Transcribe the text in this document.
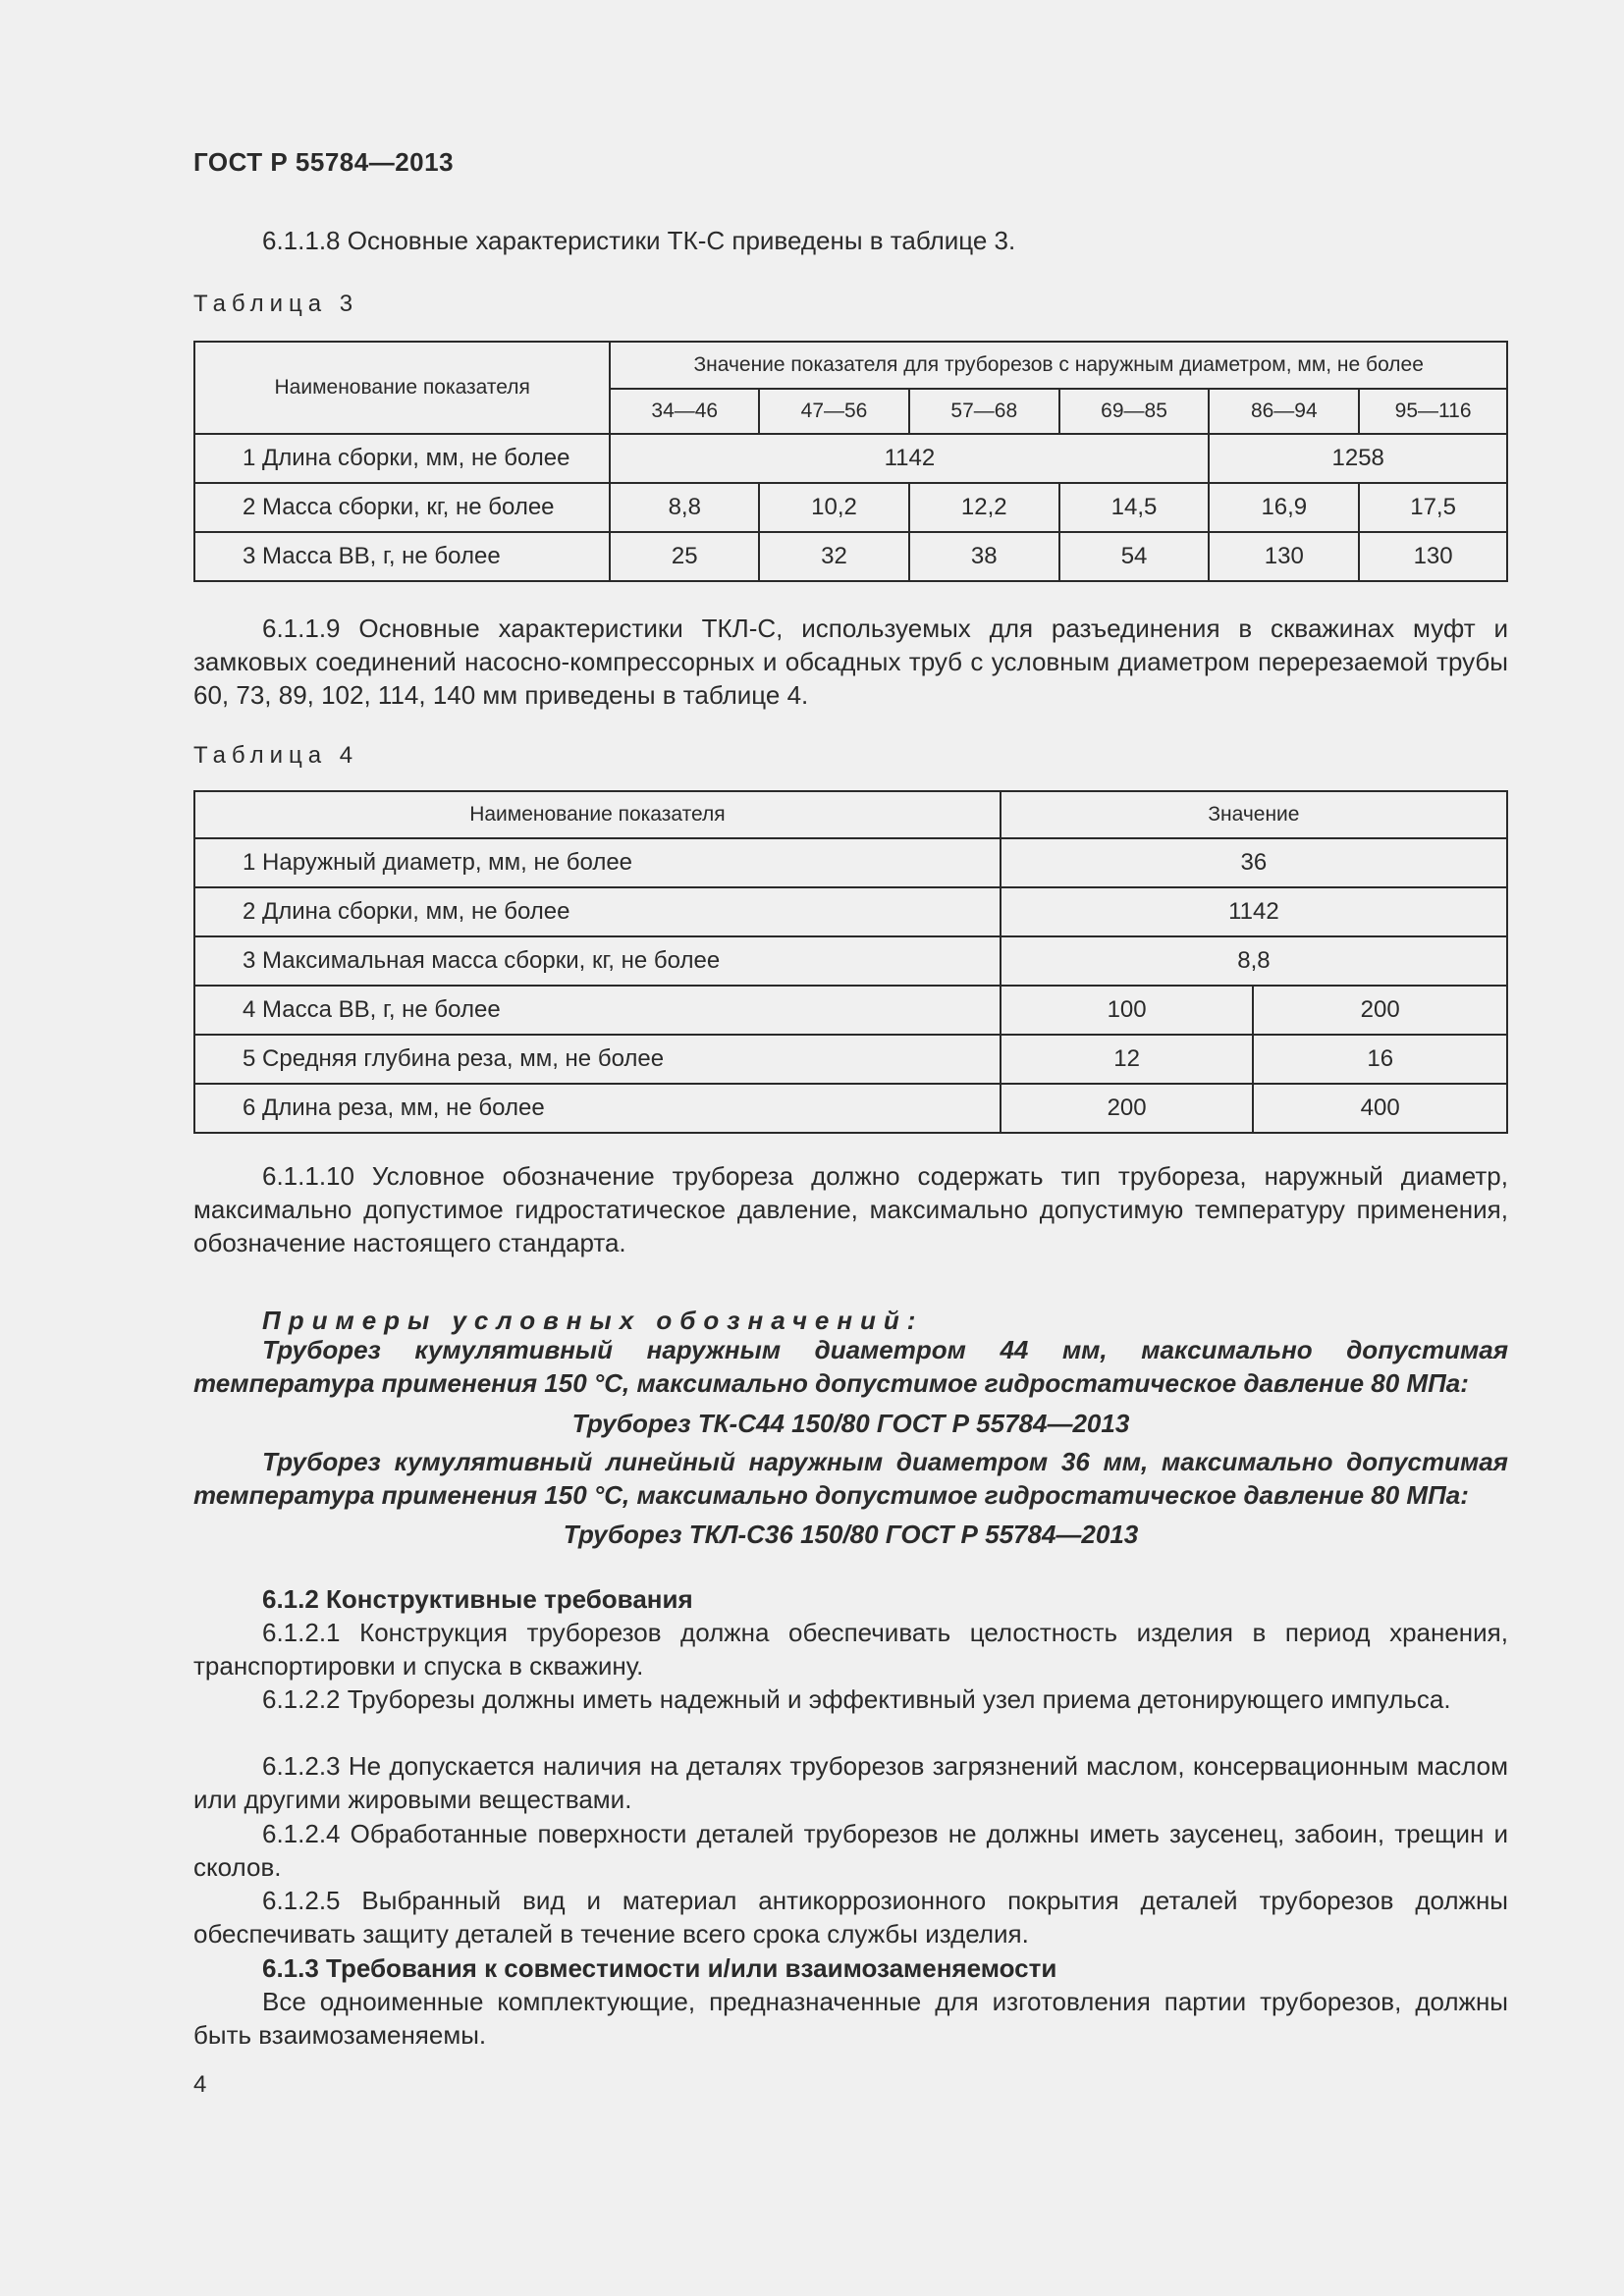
ГОСТ Р 55784—2013
6.1.1.8 Основные характеристики ТК-С приведены в таблице 3.
Таблица 3
Наименование показателя	Значение показателя для труборезов с наружным диаметром, мм, не более					
	34—46	47—56	57—68	69—85	86—94	95—116
1 Длина сборки, мм, не более	1142				1258	
2 Масса сборки, кг, не более	8,8	10,2	12,2	14,5	16,9	17,5
3 Масса ВВ, г, не более	25	32	38	54	130	130
6.1.1.9 Основные характеристики ТКЛ-С, используемых для разъединения в скважинах муфт и замковых соединений насосно-компрессорных и обсадных труб с условным диаметром перерезаемой трубы 60, 73, 89, 102, 114, 140 мм приведены в таблице 4.
Таблица 4
Наименование показателя	Значение	
1 Наружный диаметр, мм, не более	36	
2 Длина сборки, мм, не более	1142	
3 Максимальная масса сборки, кг, не более	8,8	
4 Масса ВВ, г, не более	100	200
5 Средняя глубина реза, мм, не более	12	16
6 Длина реза, мм, не более	200	400
6.1.1.10 Условное обозначение трубореза должно содержать тип трубореза, наружный диаметр, максимально допустимое гидростатическое давление, максимально допустимую температуру применения, обозначение настоящего стандарта.
Примеры условных обозначений:
Труборез кумулятивный наружным диаметром 44 мм, максимально допустимая температура применения 150 °С, максимально допустимое гидростатическое давление 80 МПа:
Труборез ТК-С44 150/80 ГОСТ Р 55784—2013
Труборез кумулятивный линейный наружным диаметром 36 мм, максимально допустимая температура применения 150 °С, максимально допустимое гидростатическое давление 80 МПа:
Труборез ТКЛ-С36 150/80 ГОСТ Р 55784—2013
6.1.2 Конструктивные требования
6.1.2.1 Конструкция труборезов должна обеспечивать целостность изделия в период хранения, транспортировки и спуска в скважину.
6.1.2.2 Труборезы должны иметь надежный и эффективный узел приема детонирующего импульса.
6.1.2.3 Не допускается наличия на деталях труборезов загрязнений маслом, консервационным маслом или другими жировыми веществами.
6.1.2.4 Обработанные поверхности деталей труборезов не должны иметь заусенец, забоин, трещин и сколов.
6.1.2.5 Выбранный вид и материал антикоррозионного покрытия деталей труборезов должны обеспечивать защиту деталей в течение всего срока службы изделия.
6.1.3 Требования к совместимости и/или взаимозаменяемости
Все одноименные комплектующие, предназначенные для изготовления партии труборезов, должны быть взаимозаменяемы.
4
